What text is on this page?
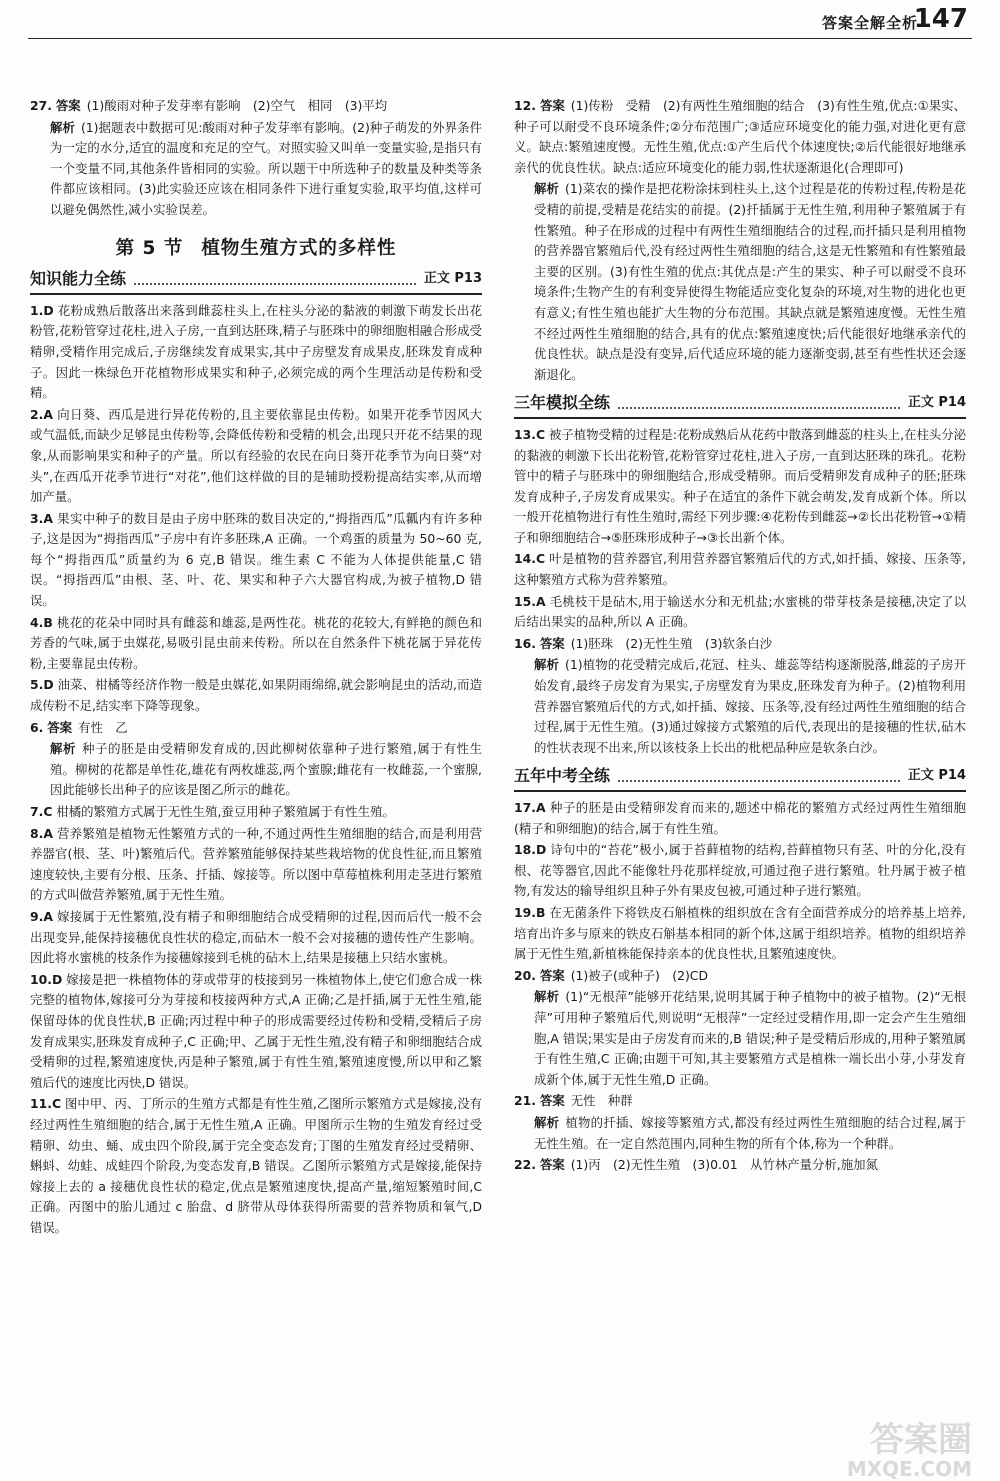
答案全解全析
147
27. 答案 (1)酸雨对种子发芽率有影响　(2)空气　相同　(3)平均
解析 (1)据题表中数据可见:酸雨对种子发芽率有影响。(2)种子萌发的外界条件为一定的水分,适宜的温度和充足的空气。对照实验又叫单一变量实验,是指只有一个变量不同,其他条件皆相同的实验。所以题干中所选种子的数量及种类等条件都应该相同。(3)此实验还应该在相同条件下进行重复实验,取平均值,这样可以避免偶然性,减小实验误差。
第 5 节 植物生殖方式的多样性
知识能力全练	正文 P13
1.D 花粉成熟后散落出来落到雌蕊柱头上,在柱头分泌的黏液的刺激下萌发长出花粉管,花粉管穿过花柱,进入子房,一直到达胚珠,精子与胚珠中的卵细胞相融合形成受精卵,受精作用完成后,子房继续发育成果实,其中子房壁发育成果皮,胚珠发育成种子。因此一株绿色开花植物形成果实和种子,必须完成的两个生理活动是传粉和受精。
2.A 向日葵、西瓜是进行异花传粉的,且主要依靠昆虫传粉。如果开花季节因风大或气温低,而缺少足够昆虫传粉等,会降低传粉和受精的机会,出现只开花不结果的现象,从而影响果实和种子的产量。所以有经验的农民在向日葵开花季节为向日葵“对头”,在西瓜开花季节进行“对花”,他们这样做的目的是辅助授粉提高结实率,从而增加产量。
3.A 果实中种子的数目是由子房中胚珠的数目决定的,“拇指西瓜”瓜瓤内有许多种子,这是因为“拇指西瓜”子房中有许多胚珠,A 正确。一个鸡蛋的质量为 50~60 克,每个“拇指西瓜”质量约为 6 克,B 错误。维生素 C 不能为人体提供能量,C 错误。“拇指西瓜”由根、茎、叶、花、果实和种子六大器官构成,为被子植物,D 错误。
4.B 桃花的花朵中同时具有雌蕊和雄蕊,是两性花。桃花的花较大,有鲜艳的颜色和芳香的气味,属于虫媒花,易吸引昆虫前来传粉。所以在自然条件下桃花属于异花传粉,主要靠昆虫传粉。
5.D 油菜、柑橘等经济作物一般是虫媒花,如果阴雨绵绵,就会影响昆虫的活动,而造成传粉不足,结实率下降等现象。
6. 答案 有性　乙
解析 种子的胚是由受精卵发育成的,因此柳树依靠种子进行繁殖,属于有性生殖。柳树的花都是单性花,雄花有两枚雄蕊,两个蜜腺;雌花有一枚雌蕊,一个蜜腺,因此能够长出种子的应该是图乙所示的雌花。
7.C 柑橘的繁殖方式属于无性生殖,蚕豆用种子繁殖属于有性生殖。
8.A 营养繁殖是植物无性繁殖方式的一种,不通过两性生殖细胞的结合,而是利用营养器官(根、茎、叶)繁殖后代。营养繁殖能够保持某些栽培物的优良性征,而且繁殖速度较快,主要有分根、压条、扦插、嫁接等。所以图中草莓植株利用走茎进行繁殖的方式叫做营养繁殖,属于无性生殖。
9.A 嫁接属于无性繁殖,没有精子和卵细胞结合成受精卵的过程,因而后代一般不会出现变异,能保持接穗优良性状的稳定,而砧木一般不会对接穗的遗传性产生影响。因此将水蜜桃的枝条作为接穗嫁接到毛桃的砧木上,结果是接穗上只结水蜜桃。
10.D 嫁接是把一株植物体的芽或带芽的枝接到另一株植物体上,使它们愈合成一株完整的植物体,嫁接可分为芽接和枝接两种方式,A 正确;乙是扦插,属于无性生殖,能保留母体的优良性状,B 正确;丙过程中种子的形成需要经过传粉和受精,受精后子房发育成果实,胚珠发育成种子,C 正确;甲、乙属于无性生殖,没有精子和卵细胞结合成受精卵的过程,繁殖速度快,丙是种子繁殖,属于有性生殖,繁殖速度慢,所以甲和乙繁殖后代的速度比丙快,D 错误。
11.C 图中甲、丙、丁所示的生殖方式都是有性生殖,乙图所示繁殖方式是嫁接,没有经过两性生殖细胞的结合,属于无性生殖,A 正确。甲图所示生物的生殖发育经过受精卵、幼虫、蛹、成虫四个阶段,属于完全变态发育;丁图的生殖发育经过受精卵、蝌蚪、幼蛙、成蛙四个阶段,为变态发育,B 错误。乙图所示繁殖方式是嫁接,能保持嫁接上去的 a 接穗优良性状的稳定,优点是繁殖速度快,提高产量,缩短繁殖时间,C 正确。丙图中的胎儿通过 c 胎盘、d 脐带从母体获得所需要的营养物质和氧气,D 错误。
12. 答案 (1)传粉　受精　(2)有两性生殖细胞的结合　(3)有性生殖,优点:①果实、种子可以耐受不良环境条件;②分布范围广;③适应环境变化的能力强,对进化更有意义。缺点:繁殖速度慢。无性生殖,优点:①产生后代个体速度快;②后代能很好地继承亲代的优良性状。缺点:适应环境变化的能力弱,性状逐渐退化(合理即可)
解析 (1)菜农的操作是把花粉涂抹到柱头上,这个过程是花的传粉过程,传粉是花受精的前提,受精是花结实的前提。(2)扦插属于无性生殖,利用种子繁殖属于有性繁殖。种子在形成的过程中有两性生殖细胞结合的过程,而扦插只是利用植物的营养器官繁殖后代,没有经过两性生殖细胞的结合,这是无性繁殖和有性繁殖最主要的区别。(3)有性生殖的优点:其优点是:产生的果实、种子可以耐受不良环境条件;生物产生的有利变异使得生物能适应变化复杂的环境,对生物的进化也更有意义;有性生殖也能扩大生物的分布范围。其缺点就是繁殖速度慢。无性生殖不经过两性生殖细胞的结合,具有的优点:繁殖速度快;后代能很好地继承亲代的优良性状。缺点是没有变异,后代适应环境的能力逐渐变弱,甚至有些性状还会逐渐退化。
三年模拟全练	正文 P14
13.C 被子植物受精的过程是:花粉成熟后从花药中散落到雌蕊的柱头上,在柱头分泌的黏液的刺激下长出花粉管,花粉管穿过花柱,进入子房,一直到达胚珠的珠孔。花粉管中的精子与胚珠中的卵细胞结合,形成受精卵。而后受精卵发育成种子的胚;胚珠发育成种子,子房发育成果实。种子在适宜的条件下就会萌发,发育成新个体。所以一般开花植物进行有性生殖时,需经下列步骤:④花粉传到雌蕊→②长出花粉管→①精子和卵细胞结合→⑤胚珠形成种子→③长出新个体。
14.C 叶是植物的营养器官,利用营养器官繁殖后代的方式,如扦插、嫁接、压条等,这种繁殖方式称为营养繁殖。
15.A 毛桃枝干是砧木,用于输送水分和无机盐;水蜜桃的带芽枝条是接穗,决定了以后结出果实的品种,所以 A 正确。
16. 答案 (1)胚珠　(2)无性生殖　(3)软条白沙
解析 (1)植物的花受精完成后,花冠、柱头、雄蕊等结构逐渐脱落,雌蕊的子房开始发育,最终子房发育为果实,子房壁发育为果皮,胚珠发育为种子。(2)植物利用营养器官繁殖后代的方式,如扦插、嫁接、压条等,没有经过两性生殖细胞的结合过程,属于无性生殖。(3)通过嫁接方式繁殖的后代,表现出的是接穗的性状,砧木的性状表现不出来,所以该枝条上长出的枇杷品种应是软条白沙。
五年中考全练	正文 P14
17.A 种子的胚是由受精卵发育而来的,题述中棉花的繁殖方式经过两性生殖细胞(精子和卵细胞)的结合,属于有性生殖。
18.D 诗句中的“苔花”极小,属于苔藓植物的结构,苔藓植物只有茎、叶的分化,没有根、花等器官,因此不能像牡丹花那样绽放,可通过孢子进行繁殖。牡丹属于被子植物,有发达的输导组织且种子外有果皮包被,可通过种子进行繁殖。
19.B 在无菌条件下将铁皮石斛植株的组织放在含有全面营养成分的培养基上培养,培育出许多与原来的铁皮石斛基本相同的新个体,这属于组织培养。植物的组织培养属于无性生殖,新植株能保持亲本的优良性状,且繁殖速度快。
20. 答案 (1)被子(或种子)　(2)CD
解析 (1)“无根萍”能够开花结果,说明其属于种子植物中的被子植物。(2)“无根萍”可用种子繁殖后代,则说明“无根萍”一定经过受精作用,即一定会产生生殖细胞,A 错误;果实是由子房发育而来的,B 错误;种子是受精后形成的,用种子繁殖属于有性生殖,C 正确;由题干可知,其主要繁殖方式是植株一端长出小芽,小芽发育成新个体,属于无性生殖,D 正确。
21. 答案 无性　种群
解析 植物的扦插、嫁接等繁殖方式,都没有经过两性生殖细胞的结合过程,属于无性生殖。在一定自然范围内,同种生物的所有个体,称为一个种群。
22. 答案 (1)丙　(2)无性生殖　(3)0.01　从竹林产量分析,施加氮
答案圈
MXQE.COM
